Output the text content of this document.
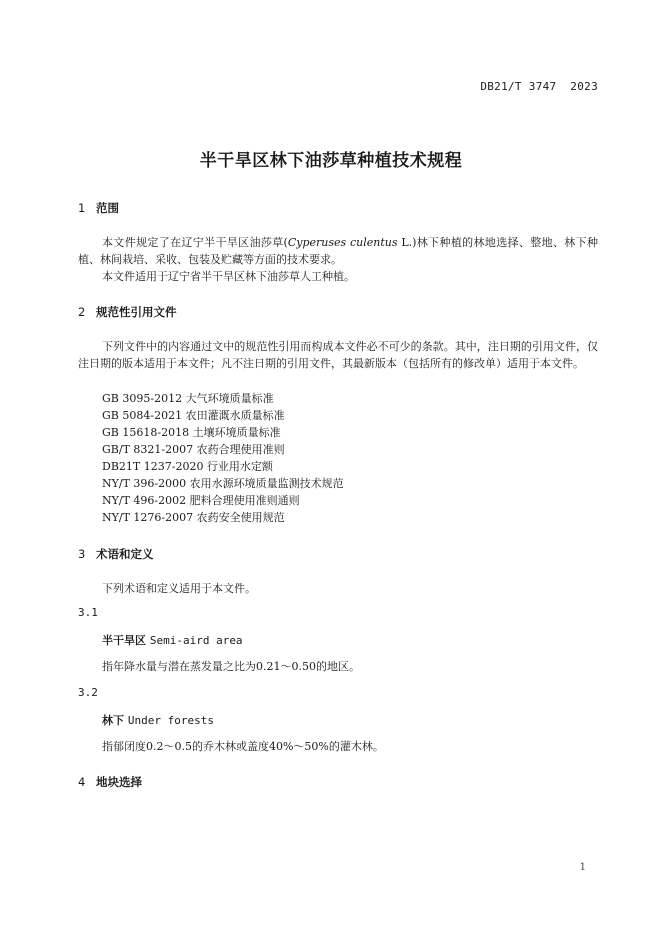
DB21/T 3747  2023
半干旱区林下油莎草种植技术规程
1 范围
本文件规定了在辽宁半干旱区油莎草(Cyperuses culentus L.)林下种植的林地选择、整地、林下种植、林间栽培、采收、包装及贮藏等方面的技术要求。
本文件适用于辽宁省半干旱区林下油莎草人工种植。
2 规范性引用文件
下列文件中的内容通过文中的规范性引用而构成本文件必不可少的条款。其中，注日期的引用文件，仅注日期的版本适用于本文件；凡不注日期的引用文件，其最新版本（包括所有的修改单）适用于本文件。
GB 3095-2012 大气环境质量标准
GB 5084-2021 农田灌溉水质量标准
GB 15618-2018 土壤环境质量标准
GB/T 8321-2007 农药合理使用准则
DB21T 1237-2020 行业用水定额
NY/T 396-2000 农用水源环境质量监测技术规范
NY/T 496-2002 肥料合理使用准则通则
NY/T 1276-2007 农药安全使用规范
3 术语和定义
下列术语和定义适用于本文件。
3.1
半干旱区 Semi-aird area
指年降水量与潜在蒸发量之比为0.21～0.50的地区。
3.2
林下 Under forests
指郁闭度0.2～0.5的乔木林或盖度40%～50%的灌木林。
4 地块选择
1
